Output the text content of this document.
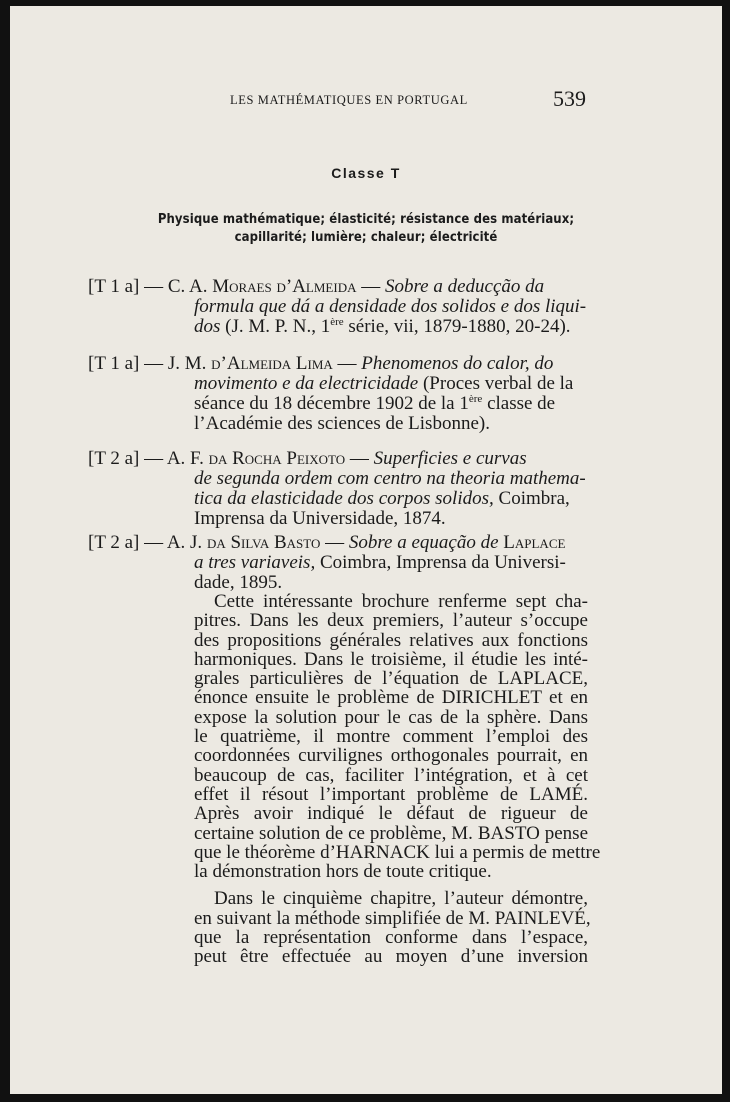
LES MATHÉMATIQUES EN PORTUGAL	539
Classe T
Physique mathématique; élasticité; résistance des matériaux;
capillarité; lumière; chaleur; électricité
[T 1 a] — C. A. Moraes d’Almeida — Sobre a deducção da
formula que dá a densidade dos solidos e dos liqui-
dos (J. M. P. N., 1ère série, vii, 1879-1880, 20-24).
[T 1 a] — J. M. d’Almeida Lima — Phenomenos do calor, do
movimento e da electricidade (Proces verbal de la
séance du 18 décembre 1902 de la 1ère classe de
l’Académie des sciences de Lisbonne).
[T 2 a] — A. F. da Rocha Peixoto — Superficies e curvas
de segunda ordem com centro na theoria mathema-
tica da elasticidade dos corpos solidos, Coimbra,
Imprensa da Universidade, 1874.
[T 2 a] — A. J. da Silva Basto — Sobre a equação de Laplace
a tres variaveis, Coimbra, Imprensa da Universi-
dade, 1895.
Cette intéressante brochure renferme sept cha-
pitres. Dans les deux premiers, l’auteur s’occupe
des propositions générales relatives aux fonctions
harmoniques. Dans le troisième, il étudie les inté-
grales particulières de l’équation de LAPLACE,
énonce ensuite le problème de DIRICHLET et en
expose la solution pour le cas de la sphère. Dans
le quatrième, il montre comment l’emploi des
coordonnées curvilignes orthogonales pourrait, en
beaucoup de cas, faciliter l’intégration, et à cet
effet il résout l’important problème de LAMÉ.
Après avoir indiqué le défaut de rigueur de
certaine solution de ce problème, M. BASTO pense
que le théorème d’HARNACK lui a permis de mettre
la démonstration hors de toute critique.
Dans le cinquième chapitre, l’auteur démontre,
en suivant la méthode simplifiée de M. PAINLEVÉ,
que la représentation conforme dans l’espace,
peut être effectuée au moyen d’une inversion
